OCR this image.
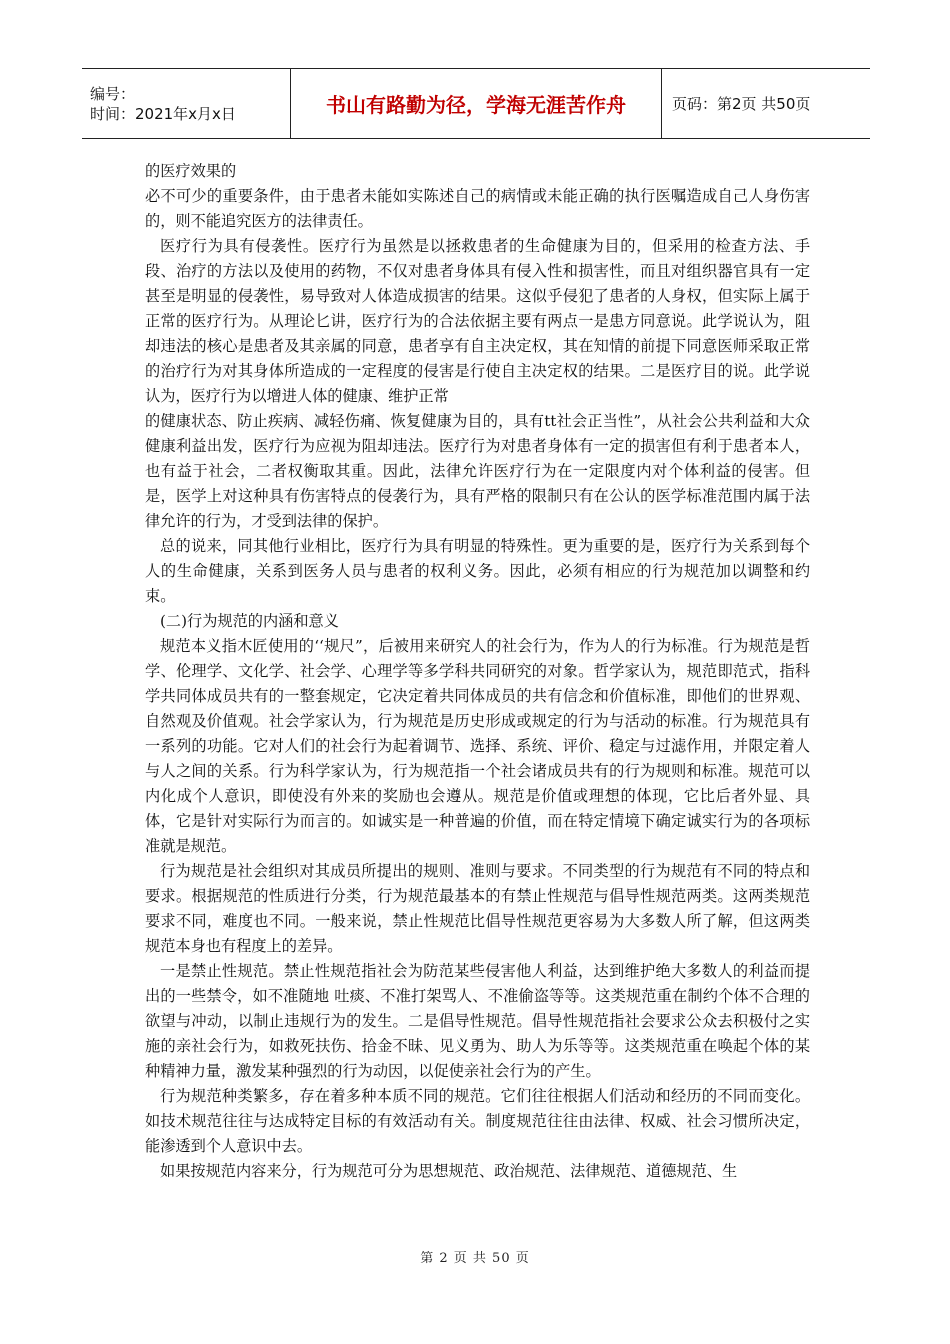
编号：
时间：2021年x月x日	书山有路勤为径，学海无涯苦作舟	页码：第2页 共50页

的医疗效果的

必不可少的重要条件，由于患者未能如实陈述自己的病情或未能正确的执行医嘱造成自己人身伤害的，则不能追究医方的法律责任。

医疗行为具有侵袭性。医疗行为虽然是以拯救患者的生命健康为目的，但采用的检查方法、手段、治疗的方法以及使用的药物，不仅对患者身体具有侵入性和损害性，而且对组织器官具有一定甚至是明显的侵袭性，易导致对人体造成损害的结果。这似乎侵犯了患者的人身权，但实际上属于正常的医疗行为。从理论匕讲，医疗行为的合法依据主要有两点一是患方同意说。此学说认为，阻却违法的核心是患者及其亲属的同意，患者享有自主决定权，其在知情的前提下同意医师采取正常的治疗行为对其身体所造成的一定程度的侵害是行使自主决定权的结果。二是医疗目的说。此学说认为，医疗行为以增进人体的健康、维护正常

的健康状态、防止疾病、减轻伤痛、恢复健康为目的，具有tt社会正当性”，从社会公共利益和大众健康利益出发，医疗行为应视为阻却违法。医疗行为对患者身体有一定的损害但有利于患者本人，也有益于社会，二者权衡取其重。因此，法律允许医疗行为在一定限度内对个体利益的侵害。但是，医学上对这种具有伤害特点的侵袭行为，具有严格的限制只有在公认的医学标准范围内属于法律允许的行为，才受到法律的保护。

总的说来，同其他行业相比，医疗行为具有明显的特殊性。更为重要的是，医疗行为关系到每个人的生命健康，关系到医务人员与患者的权利义务。因此，必须有相应的行为规范加以调整和约束。

(二)行为规范的内涵和意义

规范本义指木匠使用的‘‘规尺”，后被用来研究人的社会行为，作为人的行为标准。行为规范是哲学、伦理学、文化学、社会学、心理学等多学科共同研究的对象。哲学家认为，规范即范式，指科学共同体成员共有的一整套规定，它决定着共同体成员的共有信念和价值标准，即他们的世界观、自然观及价值观。社会学家认为，行为规范是历史形成或规定的行为与活动的标准。行为规范具有一系列的功能。它对人们的社会行为起着调节、选择、系统、评价、稳定与过滤作用，并限定着人与人之间的关系。行为科学家认为，行为规范指一个社会诸成员共有的行为规则和标准。规范可以内化成个人意识，即使没有外来的奖励也会遵从。规范是价值或理想的体现，它比后者外显、具体，它是针对实际行为而言的。如诚实是一种普遍的价值，而在特定情境下确定诚实行为的各项标准就是规范。

行为规范是社会组织对其成员所提出的规则、准则与要求。不同类型的行为规范有不同的特点和要求。根据规范的性质进行分类，行为规范最基本的有禁止性规范与倡导性规范两类。这两类规范要求不同，难度也不同。一般来说，禁止性规范比倡导性规范更容易为大多数人所了解，但这两类规范本身也有程度上的差异。

一是禁止性规范。禁止性规范指社会为防范某些侵害他人利益，达到维护绝大多数人的利益而提出的一些禁令，如不准随地 吐痰、不准打架骂人、不准偷盗等等。这类规范重在制约个体不合理的欲望与冲动，以制止违规行为的发生。二是倡导性规范。倡导性规范指社会要求公众去积极付之实施的亲社会行为，如救死扶伤、拾金不昧、见义勇为、助人为乐等等。这类规范重在唤起个体的某种精神力量，激发某种强烈的行为动因，以促使亲社会行为的产生。

行为规范种类繁多，存在着多种本质不同的规范。它们往往根据人们活动和经历的不同而变化。如技术规范往往与达成特定目标的有效活动有关。制度规范往往由法律、权威、社会习惯所决定，能渗透到个人意识中去。

如果按规范内容来分，行为规范可分为思想规范、政治规范、法律规范、道德规范、生

第 2 页 共 50 页
